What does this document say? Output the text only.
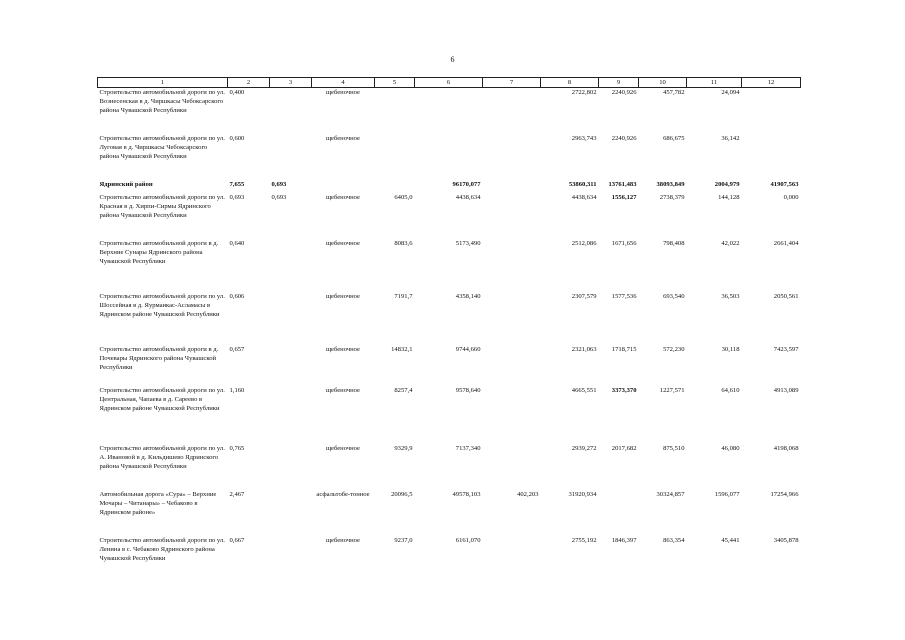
6
1	2	3	4	5	6	7	8	9	10	11	12
Строительство автомобильной дороги по ул. Вознесенская в д. Чиршкасы Чебоксарского района Чувашской Республики	0,400		щебеночное				2722,802	2240,926	457,782	24,094	
Строительство автомобильной дороги по ул. Луговая в д. Чиршкасы Чебоксарского района Чувашской Республики	0,600		щебеночное				2963,743	2240,926	686,675	36,142	
Ядринский район	7,655	0,693			96170,077		53860,311	13761,483	38093,849	2004,979	41907,563
Строительство автомобильной дороги по ул. Красная в д. Хирпи-Сирмы Ядринского района Чувашской Республики	0,693	0,693	щебеночное	6405,0	4438,634		4438,634	1556,127	2738,379	144,128	0,000
Строительство автомобильной дороги в д. Верхние Сунары Ядринского района Чувашской Республики	0,640		щебеночное	8083,6	5173,490		2512,086	1671,656	798,408	42,022	2661,404
Строительство автомобильной дороги по ул. Шоссейная в д. Яурмаикас-Асламасы в Ядринском районе Чувашской Республики	0,606		щебеночное	7191,7	4358,140		2307,579	1577,536	693,540	36,503	2050,561
Строительство автомобильной дороги в д. Почевары Ядринского района Чувашской Республики	0,657		щебеночное	14832,1	9744,660		2321,063	1718,715	572,230	30,118	7423,597
Строительство автомобильной дороги по ул. Центральная, Чапаева в д. Сареево в Ядринском районе Чувашской Республики	1,160		щебеночное	8257,4	9578,640		4665,551	3373,370	1227,571	64,610	4913,089
Строительство автомобильной дороги по ул. А. Ивановой в д. Кильдишево Ядринского района Чувашской Республики	0,765		щебеночное	9329,9	7137,340		2939,272	2017,682	875,510	46,080	4198,068
Автомобильная дорога «Сура» – Верхние Мочары – Читанары» – Чебаково в Ядринском районе»	2,467		асфальтобе-тонное	20096,5	49578,103	402,203	31920,934		30324,857	1596,077	17254,966
Строительство автомобильной дороги по ул. Ленина в с. Чебаково Ядринского района Чувашской Республики	0,667		щебеночное	9237,0	6161,070		2755,192	1846,397	863,354	45,441	3405,878
